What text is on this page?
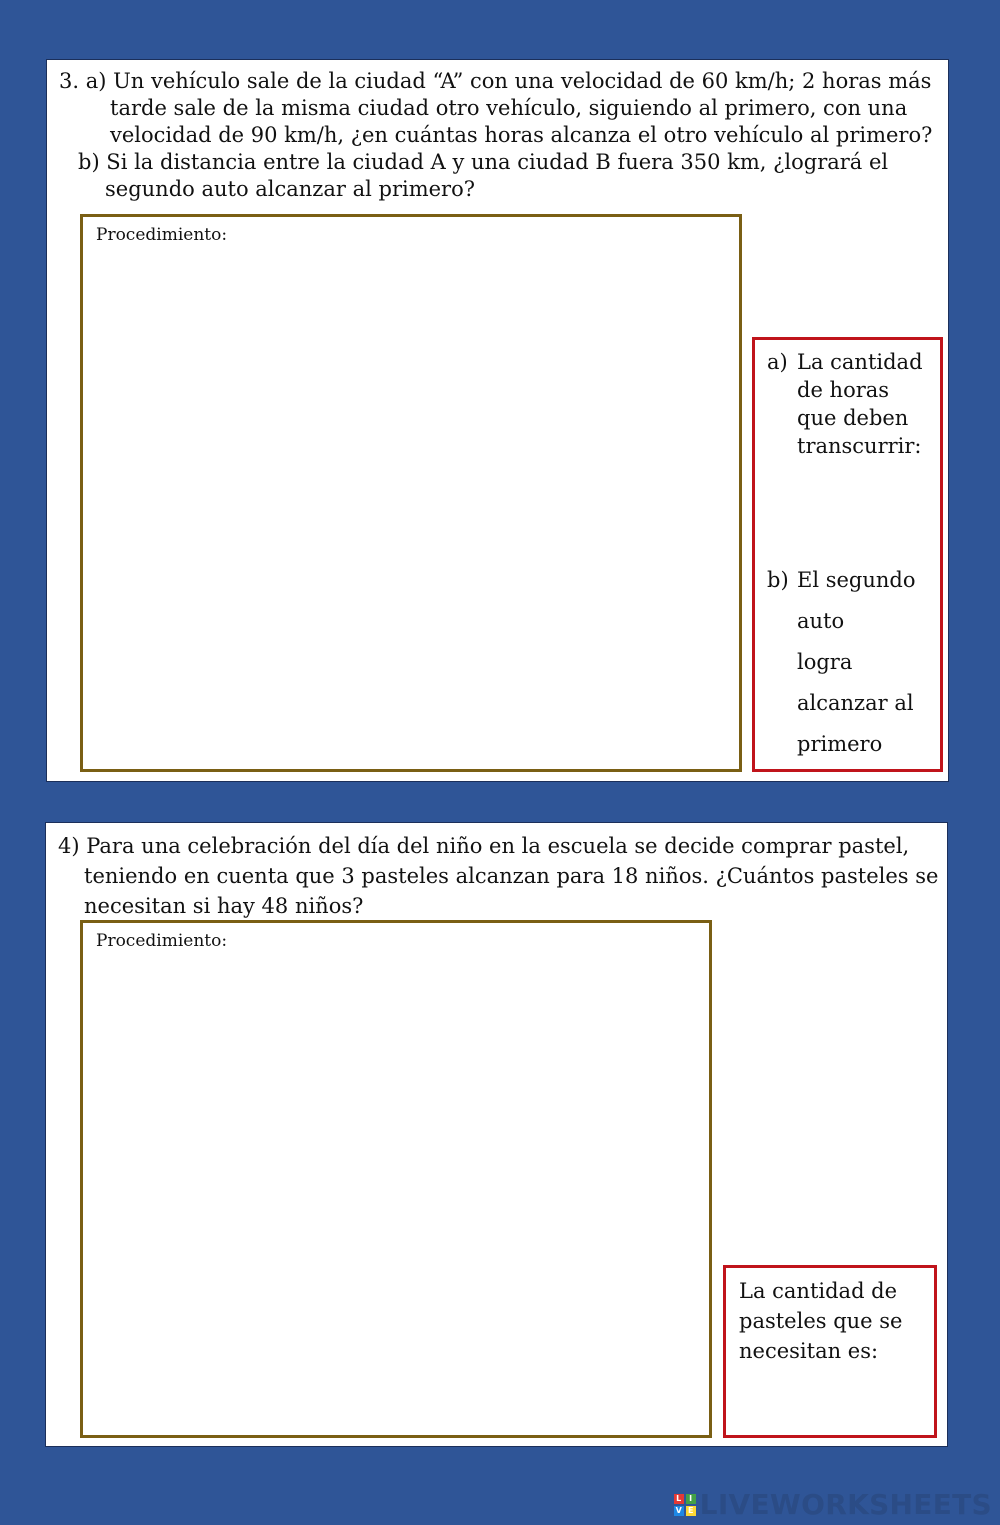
3. a) Un vehículo sale de la ciudad “A” con una velocidad de 60 km/h; 2 horas más
tarde sale de la misma ciudad otro vehículo, siguiendo al primero, con una
velocidad de 90 km/h, ¿en cuántas horas alcanza el otro vehículo al primero?
b) Si la distancia entre la ciudad A y una ciudad B fuera 350 km, ¿logrará el
segundo auto alcanzar al primero?
Procedimiento:
a) La cantidad
de horas
que deben
transcurrir:
b) El segundo
auto
logra
alcanzar al
primero
4) Para una celebración del día del niño en la escuela se decide comprar pastel,
teniendo en cuenta que 3 pasteles alcanzan para 18 niños. ¿Cuántos pasteles se
necesitan si hay 48 niños?
Procedimiento:
La cantidad de
pasteles que se
necesitan es:
L I
V E LIVEWORKSHEETS
